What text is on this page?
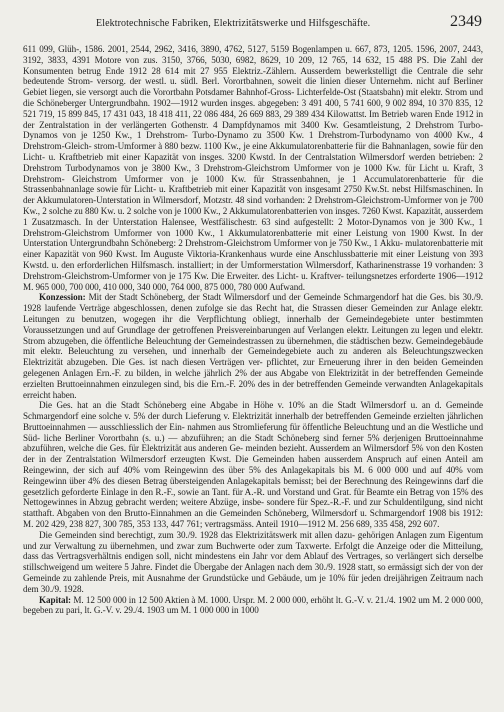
Elektrotechnische Fabriken, Elektrizitätswerke und Hilfsgeschäfte.	2349

611 099, Glüh-, 1586. 2001, 2544, 2962, 3416, 3890, 4762, 5127, 5159 Bogenlampen u. 667, 873, 1205. 1596, 2007, 2443, 3192, 3833, 4391 Motore von zus. 3150, 3766, 5030, 6982, 8629, 10 209, 12 765, 14 632, 15 488 PS. Die Zahl der Konsumenten betrug Ende 1912 28 614 mit 27 955 Elektriz.-Zählern. Ausserdem bewerkstelligt die Centrale die sehr bedeutende Strom- versorg. der westl. u. südl. Berl. Vorortbahnen, soweit die linien dieser Unternehm. nicht auf Berliner Gebiet liegen, sie versorgt auch die Vorortbahn Potsdamer Bahnhof-Gross- Lichterfelde-Ost (Staatsbahn) mit elektr. Strom und die Schöneberger Untergrundbahn. 1902—1912 wurden insges. abgegeben: 3 491 400, 5 741 600, 9 002 894, 10 370 835, 12 521 719, 15 899 845, 17 431 043, 18 418 411, 22 086 484, 26 669 883, 29 389 434 Kilowattst. Im Betrieb waren Ende 1912 in der Zentralstation in der verlängerten Gothenstr. 4 Dampfdynamos mit 3400 Kw. Gesamtleistung, 2 Drehstrom Turbo-Dynamos von je 1250 Kw., 1 Drehstrom- Turbo-Dynamo zu 3500 Kw. 1 Drehstrom-Turbodynamo von 4000 Kw., 4 Drehstrom-Gleich- strom-Umformer à 880 bezw. 1100 Kw., je eine Akkumulatorenbatterie für die Bahnanlagen, sowie für den Licht- u. Kraftbetrieb mit einer Kapazität von insges. 3200 Kwstd. In der Centralstation Wilmersdorf werden betrieben: 2 Drehstrom Turbodynamos von je 3800 Kw., 3 Drehstrom-Gleichstrom Umformer von je 1000 Kw. für Licht u. Kraft, 3 Drehstrom- Gleichstrom Umformer von je 1000 Kw. für Strassenbahnen, je 1 Accumulatorenbatterie für die Strassenbahnanlage sowie für Licht- u. Kraftbetrieb mit einer Kapazität von insgesamt 2750 Kw.St. nebst Hilfsmaschinen. In der Akkumulatoren-Unterstation in Wilmersdorf, Motzstr. 48 sind vorhanden: 2 Drehstrom-Gleichstrom-Umformer von je 700 Kw., 2 solche zu 880 Kw. u. 2 solche von je 1000 Kw., 2 Akkumulatorenbatterien von insges. 7260 Kwst. Kapazität, ausserdem 1 Zusatzmasch. In der Unterstation Halensee, Westfälischestr. 63 sind aufgestellt: 2 Motor-Dynamos von je 300 Kw., 1 Drehstrom-Gleichstrom Umformer von 1000 Kw., 1 Akkumulatorenbatterie mit einer Leistung von 1900 Kwst. In der Unterstation Untergrundbahn Schöneberg: 2 Drehstrom-Gleichstrom Umformer von je 750 Kw., 1 Akku- mulatorenbatterie mit einer Kapazität von 960 Kwst. Im Auguste Viktoria-Krankenhaus wurde eine Anschlussbatterie mit einer Leistung von 393 Kwstd. u. den erforderlichen Hilfsmasch. installiert; in der Umformerstation Wilmersdorf, Katharinenstrasse 19 vorhanden: 3 Drehstrom-Gleichstrom-Umformer von je 175 Kw. Die Erweiter. des Licht- u. Kraftver- teilungsnetzes erforderte 1906—1912 M. 965 000, 700 000, 410 000, 340 000, 764 000, 875 000, 780 000 Aufwand.

Konzession: Mit der Stadt Schöneberg, der Stadt Wilmersdorf und der Gemeinde Schmargendorf hat die Ges. bis 30./9. 1928 laufende Verträge abgeschlossen, denen zufolge sie das Recht hat, die Strassen dieser Gemeinden zur Anlage elektr. Leitungen zu benutzen, wogegen ihr die Verpflichtung obliegt, innerhalb der Gemeindegebiete unter bestimmten Voraussetzungen und auf Grundlage der getroffenen Preisvereinbarungen auf Verlangen elektr. Leitungen zu legen und elektr. Strom abzugeben, die öffentliche Beleuchtung der Gemeindestrassen zu übernehmen, die städtischen bezw. Gemeindegebäude mit elektr. Beleuchtung zu versehen, und innerhalb der Gemeindegebiete auch zu anderen als Beleuchtungszwecken Elektrizität abzugeben. Die Ges. ist nach diesen Verträgen ver- pflichtet, zur Erneuerung ihrer in den beiden Gemeinden gelegenen Anlagen Ern.-F. zu bilden, in welche jährlich 2% der aus Abgabe von Elektrizität in der betreffenden Gemeinde erzielten Bruttoeinnahmen einzulegen sind, bis die Ern.-F. 20% des in der betreffenden Gemeinde verwandten Anlagekapitals erreicht haben.

Die Ges. hat an die Stadt Schöneberg eine Abgabe in Höhe v. 10% an die Stadt Wilmersdorf u. an d. Gemeinde Schmargendorf eine solche v. 5% der durch Lieferung v. Elektrizität innerhalb der betreffenden Gemeinde erzielten jährlichen Bruttoeinnahmen — ausschliesslich der Ein- nahmen aus Stromlieferung für öffentliche Beleuchtung und an die Westliche und Süd- liche Berliner Vorortbahn (s. u.) — abzuführen; an die Stadt Schöneberg sind ferner 5% derjenigen Bruttoeinnahme abzuführen, welche die Ges. für Elektrizität aus anderen Ge- meinden bezieht. Ausserdem an Wilmersdorf 5% von den Kosten der in der Zentralstation Wilmersdorf erzeugten Kwst. Die Gemeinden haben ausserdem Anspruch auf einen Anteil am Reingewinn, der sich auf 40% vom Reingewinn des über 5% des Anlagekapitals bis M. 6 000 000 und auf 40% vom Reingewinn über 4% des diesen Betrag übersteigenden Anlagekapitals bemisst; bei der Berechnung des Reingewinns darf die gesetzlich geforderte Einlage in den R.-F., sowie an Tant. für A.-R. und Vorstand und Grat. für Beamte ein Betrag von 15% des Nettogewinnes in Abzug gebracht werden; weitere Abzüge, insbe- sondere für Spez.-R.-F. und zur Schuldentilgung, sind nicht statthaft. Abgaben von den Brutto-Einnahmen an die Gemeinden Schöneberg, Wilmersdorf u. Schmargendorf 1908 bis 1912: M. 202 429, 238 827, 300 785, 353 133, 447 761; vertragsmäss. Anteil 1910—1912 M. 256 689, 335 458, 292 607.

Die Gemeinden sind berechtigt, zum 30./9. 1928 das Elektrizitätswerk mit allen dazu- gehörigen Anlagen zum Eigentum und zur Verwaltung zu übernehmen, und zwar zum Buchwerte oder zum Taxwerte. Erfolgt die Anzeige oder die Mitteilung, dass das Vertragsverhältnis endigen soll, nicht mindestens ein Jahr vor dem Ablauf des Vertrages, so verlängert sich derselbe stillschweigend um weitere 5 Jahre. Findet die Übergabe der Anlagen nach dem 30./9. 1928 statt, so ermässigt sich der von der Gemeinde zu zahlende Preis, mit Ausnahme der Grundstücke und Gebäude, um je 10% für jeden dreijährigen Zeitraum nach dem 30./9. 1928.

Kapital: M. 12 500 000 in 12 500 Aktien à M. 1000. Urspr. M. 2 000 000, erhöht lt. G.-V. v. 21./4. 1902 um M. 2 000 000, begeben zu pari, lt. G.-V. v. 29./4. 1903 um M. 1 000 000 in 1000
